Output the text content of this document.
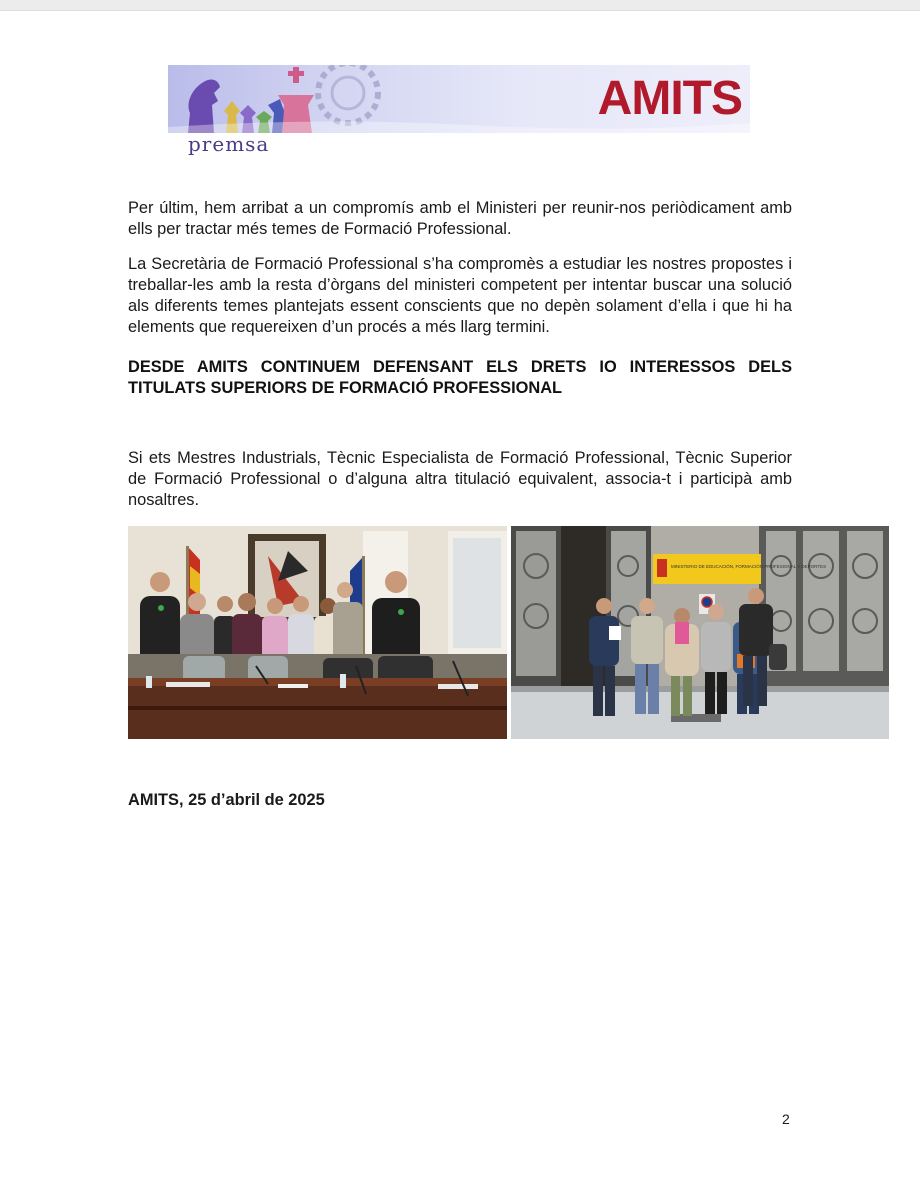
AMITS
premsa

Per últim, hem arribat a un compromís amb el Ministeri per reunir-nos periòdicament amb ells per tractar més temes de Formació Professional.

La Secretària de Formació Professional s’ha compromès a estudiar les nostres propostes i treballar-les amb la resta d’òrgans del ministeri competent per intentar buscar una solució als diferents temes plantejats essent conscients que no depèn solament d’ella i que hi ha elements que requereixen d’un procés a més llarg termini.

DESDE AMITS CONTINUEM DEFENSANT ELS DRETS IO INTERESSOS DELS TITULATS SUPERIORS DE FORMACIÓ PROFESSIONAL

Si ets Mestres Industrials, Tècnic Especialista de Formació Professional, Tècnic Superior de Formació Professional o d’alguna altra titulació equivalent, associa-t i participà amb nosaltres.

MINISTERIO DE EDUCACIÓN, FORMACIÓN PROFESIONAL Y DEPORTES
AMITS, 25 d’abril de 2025
2
